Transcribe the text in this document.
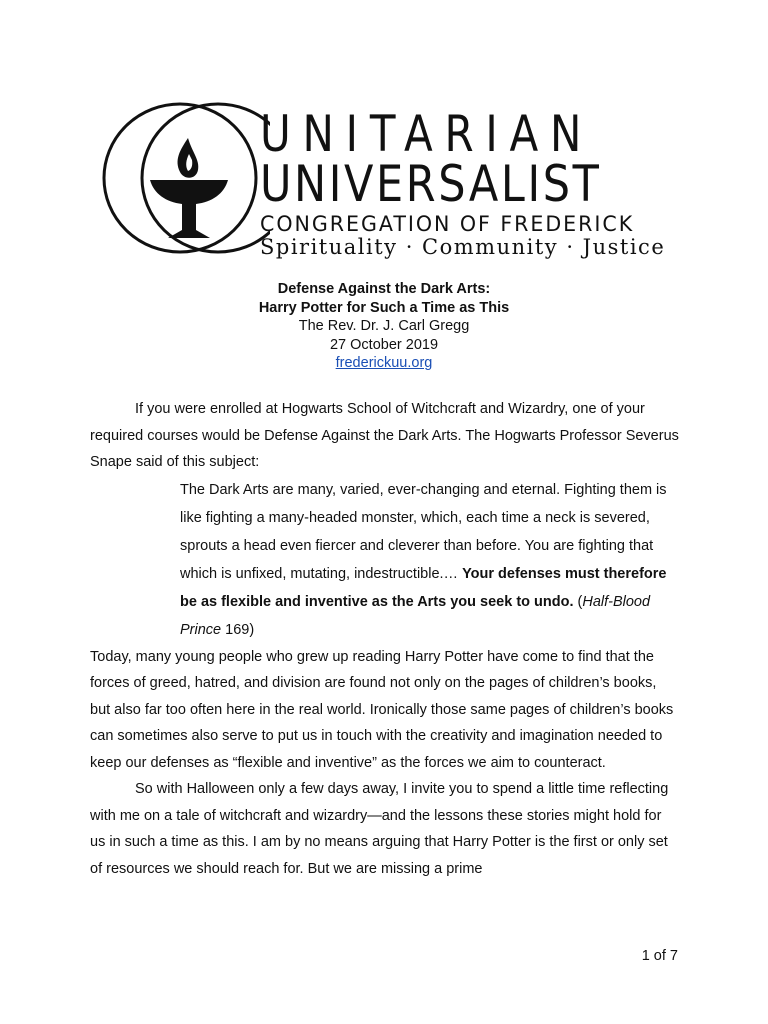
UNITARIAN
UNIVERSALIST
CONGREGATION OF FREDERICK
Spirituality · Community · Justice
Defense Against the Dark Arts:
Harry Potter for Such a Time as This
The Rev. Dr. J. Carl Gregg
27 October 2019
frederickuu.org

If you were enrolled at Hogwarts School of Witchcraft and Wizardry, one of your required courses would be Defense Against the Dark Arts. The Hogwarts Professor Severus Snape said of this subject:

The Dark Arts are many, varied, ever-changing and eternal. Fighting them is like fighting a many-headed monster, which, each time a neck is severed, sprouts a head even fiercer and cleverer than before. You are fighting that which is unfixed, mutating, indestructible.… Your defenses must therefore be as flexible and inventive as the Arts you seek to undo. (Half-Blood Prince 169)

Today, many young people who grew up reading Harry Potter have come to find that the forces of greed, hatred, and division are found not only on the pages of children’s books, but also far too often here in the real world. Ironically those same pages of children’s books can sometimes also serve to put us in touch with the creativity and imagination needed to keep our defenses as “flexible and inventive” as the forces we aim to counteract.

So with Halloween only a few days away, I invite you to spend a little time reflecting with me on a tale of witchcraft and wizardry—and the lessons these stories might hold for us in such a time as this. I am by no means arguing that Harry Potter is the first or only set of resources we should reach for. But we are missing a prime

1 of 7
